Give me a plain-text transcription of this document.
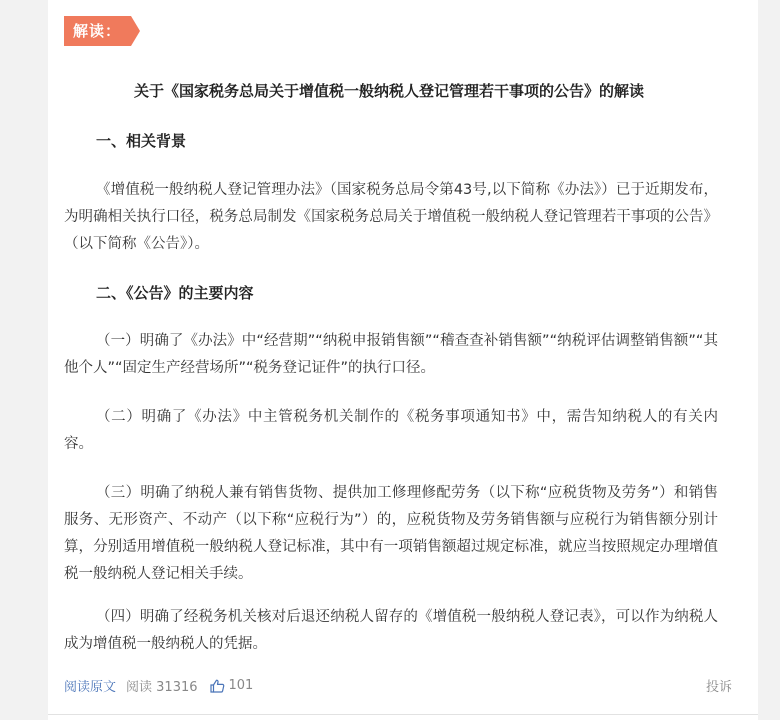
解读：
关于《国家税务总局关于增值税一般纳税人登记管理若干事项的公告》的解读
一、相关背景
《增值税一般纳税人登记管理办法》（国家税务总局令第43号,以下简称《办法》）已于近期发布，为明确相关执行口径，税务总局制发《国家税务总局关于增值税一般纳税人登记管理若干事项的公告》（以下简称《公告》）。
二、《公告》的主要内容
（一）明确了《办法》中“经营期”“纳税申报销售额”“稽查查补销售额”“纳税评估调整销售额”“其他个人”“固定生产经营场所”“税务登记证件”的执行口径。
（二）明确了《办法》中主管税务机关制作的《税务事项通知书》中，需告知纳税人的有关内容。
（三）明确了纳税人兼有销售货物、提供加工修理修配劳务（以下称“应税货物及劳务”）和销售服务、无形资产、不动产（以下称“应税行为”）的，应税货物及劳务销售额与应税行为销售额分别计算，分别适用增值税一般纳税人登记标准，其中有一项销售额超过规定标准，就应当按照规定办理增值税一般纳税人登记相关手续。
（四）明确了经税务机关核对后退还纳税人留存的《增值税一般纳税人登记表》，可以作为纳税人成为增值税一般纳税人的凭据。
阅读原文 阅读 31316 101	投诉
